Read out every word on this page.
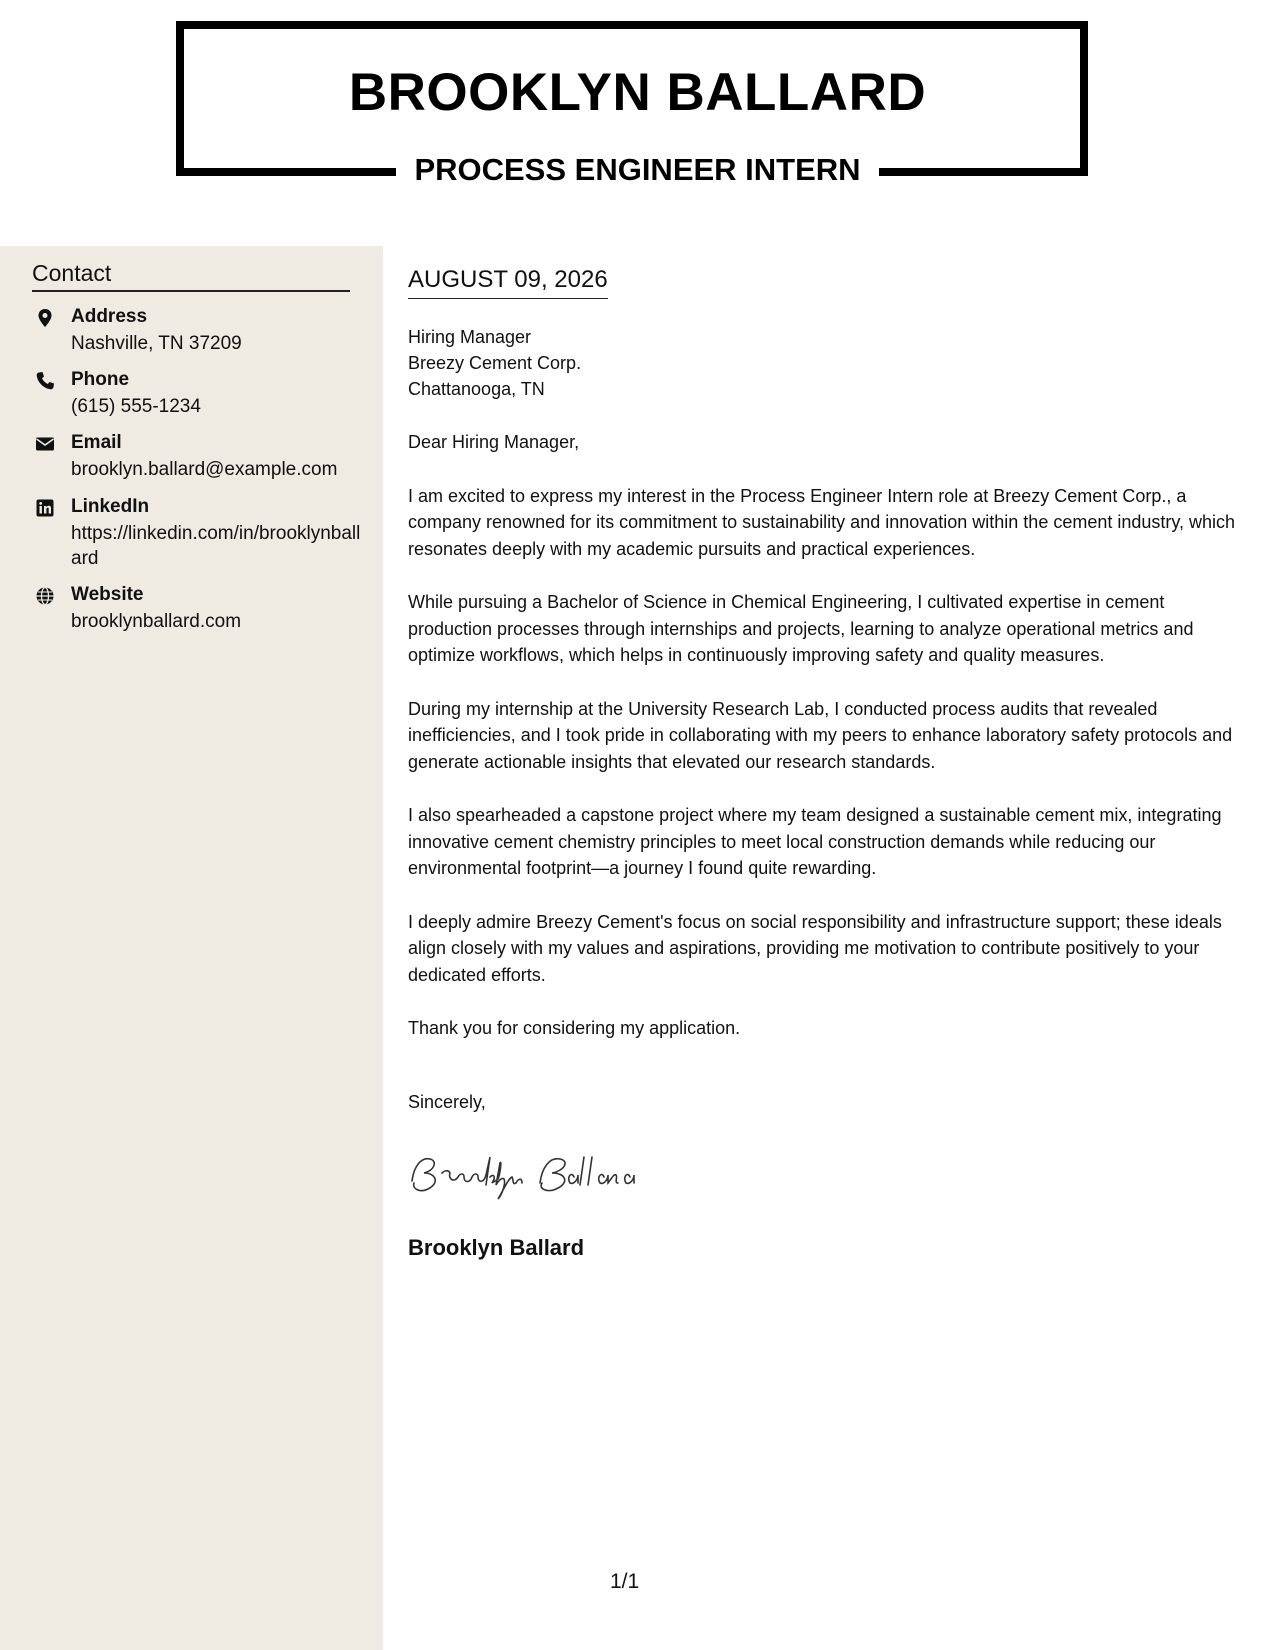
BROOKLYN BALLARD
PROCESS ENGINEER INTERN
Contact
Address
Nashville, TN 37209
Phone
(615) 555-1234
Email
brooklyn.ballard@example.com
LinkedIn
https://linkedin.com/in/brooklynballard
Website
brooklynballard.com
AUGUST 09, 2026
Hiring Manager
Breezy Cement Corp.
Chattanooga, TN

Dear Hiring Manager,

I am excited to express my interest in the Process Engineer Intern role at Breezy Cement Corp., a company renowned for its commitment to sustainability and innovation within the cement industry, which resonates deeply with my academic pursuits and practical experiences.

While pursuing a Bachelor of Science in Chemical Engineering, I cultivated expertise in cement production processes through internships and projects, learning to analyze operational metrics and optimize workflows, which helps in continuously improving safety and quality measures.

During my internship at the University Research Lab, I conducted process audits that revealed inefficiencies, and I took pride in collaborating with my peers to enhance laboratory safety protocols and generate actionable insights that elevated our research standards.

I also spearheaded a capstone project where my team designed a sustainable cement mix, integrating innovative cement chemistry principles to meet local construction demands while reducing our environmental footprint—a journey I found quite rewarding.

I deeply admire Breezy Cement's focus on social responsibility and infrastructure support; these ideals align closely with my values and aspirations, providing me motivation to contribute positively to your dedicated efforts.

Thank you for considering my application.

Sincerely,
Brooklyn Ballard
1/1
